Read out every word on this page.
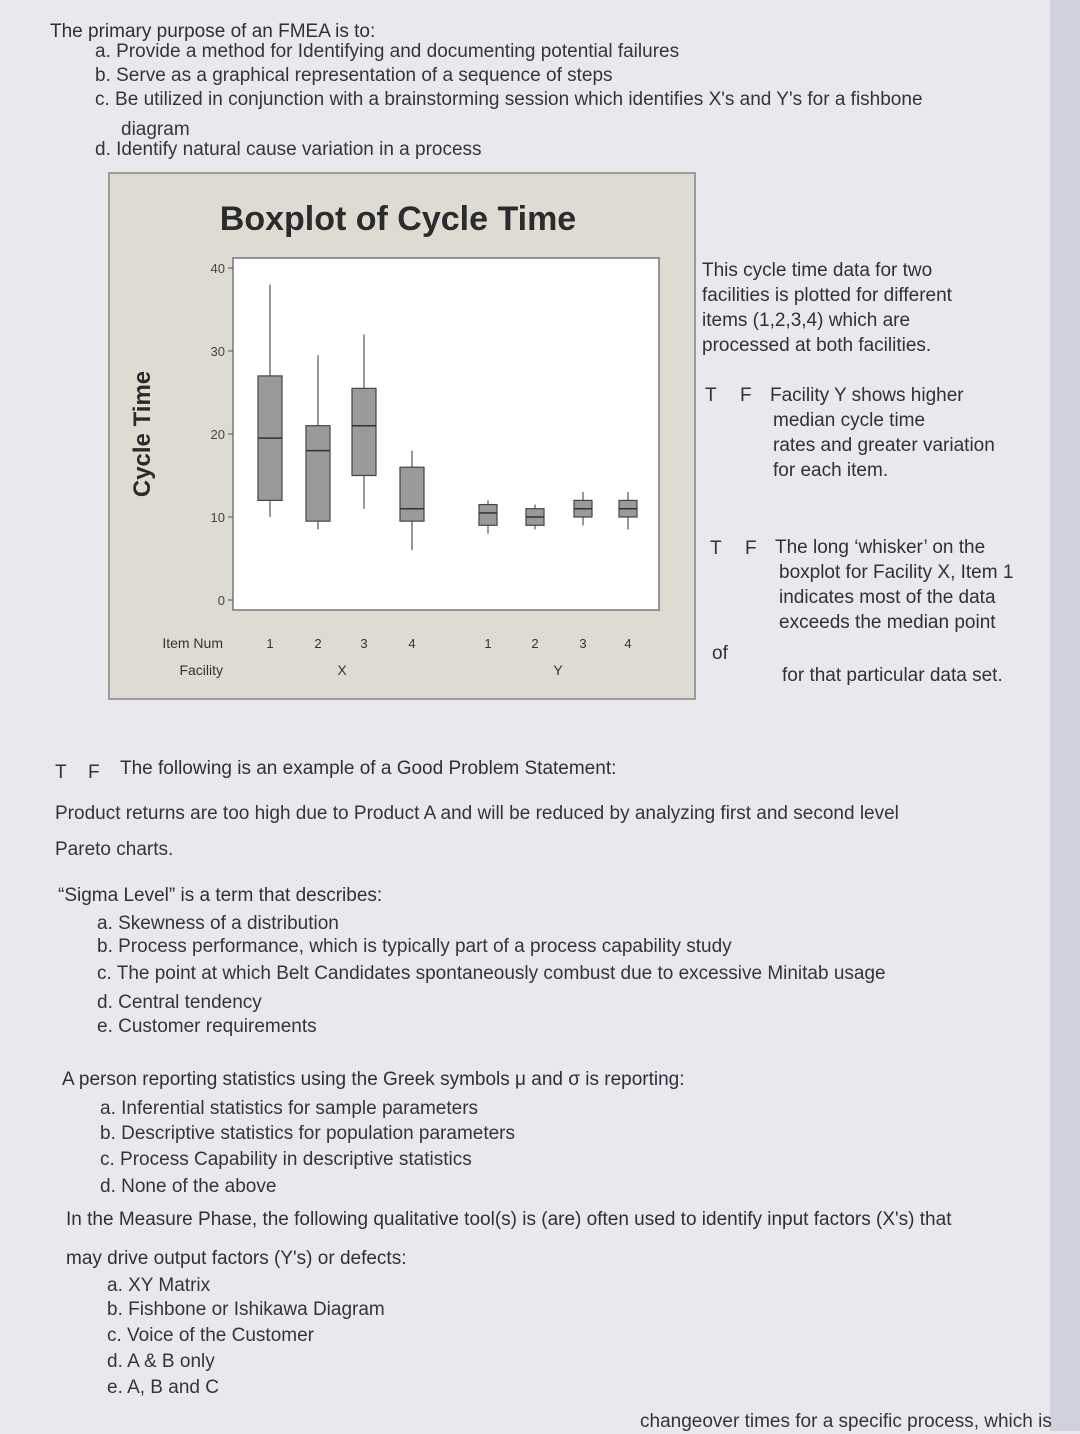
The primary purpose of an FMEA is to:
a. Provide a method for Identifying and documenting potential failures
b. Serve as a graphical representation of a sequence of steps
c. Be utilized in conjunction with a brainstorming session which identifies X's and Y's for a fishbone
diagram
d. Identify natural cause variation in a process
Boxplot of Cycle Time
Cycle Time
Item Num
Facility
40
30
20
10
0
1	2	3	4	1	2	3	4
X	Y
This cycle time data for two
facilities is plotted for different
items (1,2,3,4) which are
processed at both facilities.
T F Facility Y shows higher
median cycle time
rates and greater variation
for each item.
T F The long ‘whisker’ on the
boxplot for Facility X, Item 1
indicates most of the data
exceeds the median point
of
for that particular data set.
T F The following is an example of a Good Problem Statement:
Product returns are too high due to Product A and will be reduced by analyzing first and second level
Pareto charts.
“Sigma Level” is a term that describes:
a. Skewness of a distribution
b. Process performance, which is typically part of a process capability study
c. The point at which Belt Candidates spontaneously combust due to excessive Minitab usage
d. Central tendency
e. Customer requirements
A person reporting statistics using the Greek symbols μ and σ is reporting:
a. Inferential statistics for sample parameters
b. Descriptive statistics for population parameters
c. Process Capability in descriptive statistics
d. None of the above
In the Measure Phase, the following qualitative tool(s) is (are) often used to identify input factors (X's) that
may drive output factors (Y's) or defects:
a. XY Matrix
b. Fishbone or Ishikawa Diagram
c. Voice of the Customer
d. A & B only
e. A, B and C
changeover times for a specific process, which is
